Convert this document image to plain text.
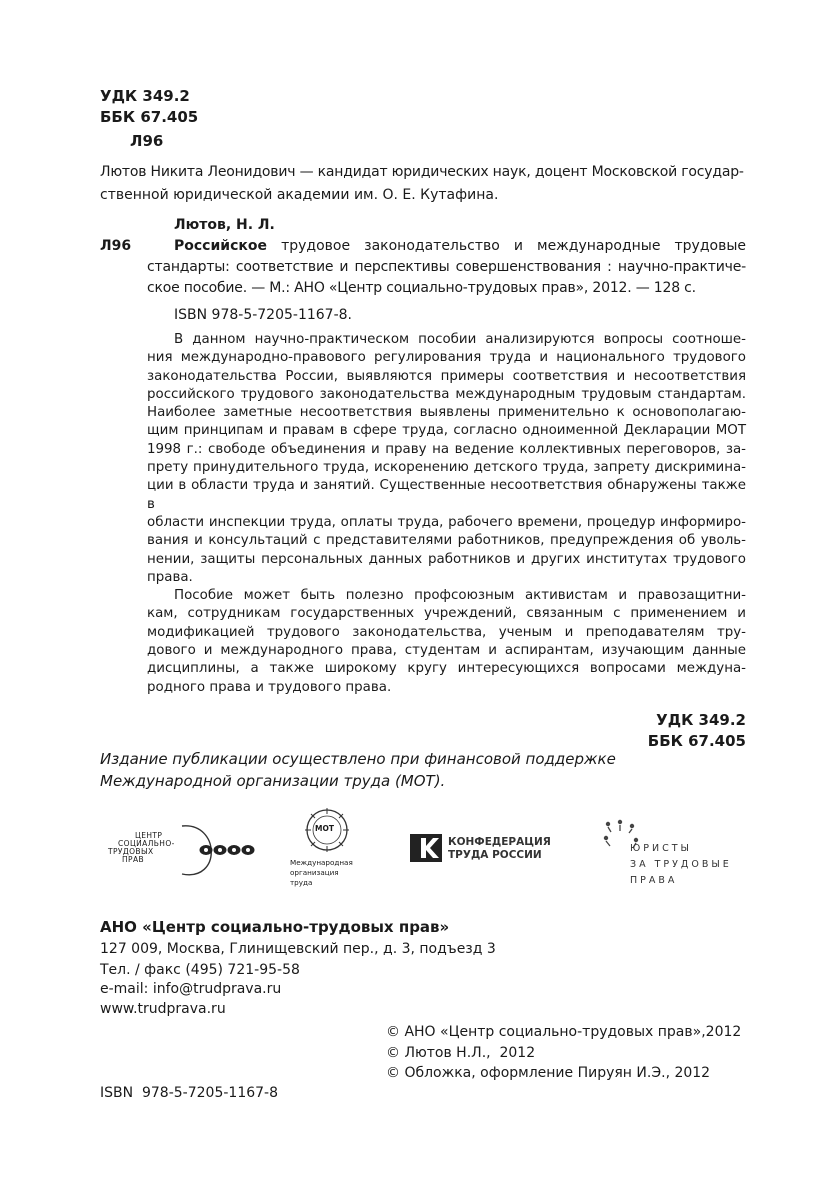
УДК 349.2
ББК 67.405
Л96
Лютов Никита Леонидович — кандидат юридических наук, доцент Московской государ-
ственной юридической академии им. О. Е. Кутафина.
Лютов, Н. Л.
Л96	Российское трудовое законодательство и международные трудовые
стандарты: соответствие и перспективы совершенствования : научно-практиче-
ское пособие. — М.: АНО «Центр социально-трудовых прав», 2012. — 128 с.
ISBN 978-5-7205-1167-8.
В данном научно-практическом пособии анализируются вопросы соотноше-
ния международно-правового регулирования труда и национального трудового
законодательства России, выявляются примеры соответствия и несоответствия
российского трудового законодательства международным трудовым стандартам.
Наиболее заметные несоответствия выявлены применительно к основополагаю-
щим принципам и правам в сфере труда, согласно одноименной Декларации МОТ
1998 г.: свободе объединения и праву на ведение коллективных переговоров, за-
прету принудительного труда, искоренению детского труда, запрету дискримина-
ции в области труда и занятий. Существенные несоответствия обнаружены также в
области инспекции труда, оплаты труда, рабочего времени, процедур информиро-
вания и консультаций с представителями работников, предупреждения об уволь-
нении, защиты персональных данных работников и других институтах трудового
права.
Пособие может быть полезно профсоюзным активистам и правозащитни-
кам, сотрудникам государственных учреждений, связанным с применением и
модификацией трудового законодательства, ученым и преподавателям тру-
дового и международного права, студентам и аспирантам, изучающим данные
дисциплины, а также широкому кругу интересующихся вопросами междуна-
родного права и трудового права.
УДК 349.2
ББК 67.405
Издание публикации осуществлено при финансовой поддержке
Международной организации труда (МОТ).
ЦЕНТР
СОЦИАЛЬНО-
ТРУДОВЫХ
ПРАВ
МОТ
Международная
организация
труда
КОНФЕДЕРАЦИЯ
ТРУДА РОССИИ
ЮРИСТЫ
ЗА ТРУДОВЫЕ
ПРАВА
АНО «Центр социально-трудовых прав»
127 009, Москва, Глинищевский пер., д. 3, подъезд 3
Тел. / факс (495) 721-95-58
e-mail: info@trudprava.ru
www.trudprava.ru
© АНО «Центр социально-трудовых прав»,2012
© Лютов Н.Л.,  2012
© Обложка, оформление Пируян И.Э., 2012
ISBN  978-5-7205-1167-8
